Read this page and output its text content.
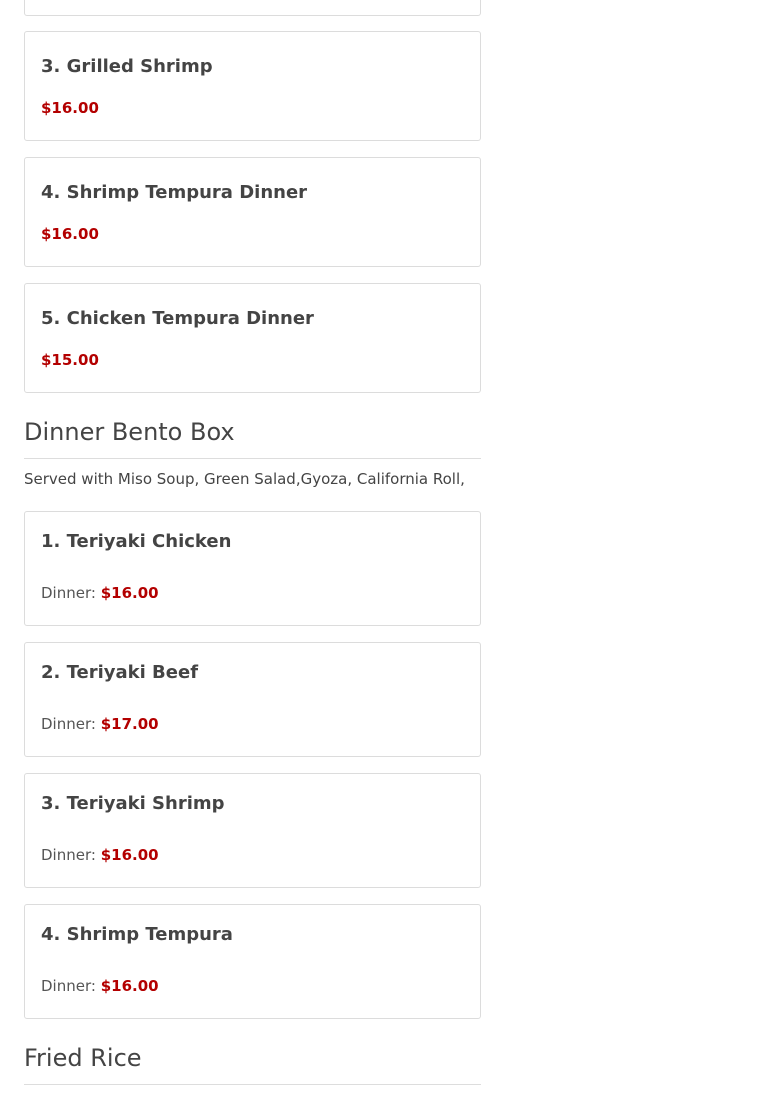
3. Grilled Shrimp
$16.00
4. Shrimp Tempura Dinner
$16.00
5. Chicken Tempura Dinner
$15.00
Dinner Bento Box
Served with Miso Soup, Green Salad,Gyoza, California Roll,
1. Teriyaki Chicken
Dinner: $16.00
2. Teriyaki Beef
Dinner: $17.00
3. Teriyaki Shrimp
Dinner: $16.00
4. Shrimp Tempura
Dinner: $16.00
Fried Rice
